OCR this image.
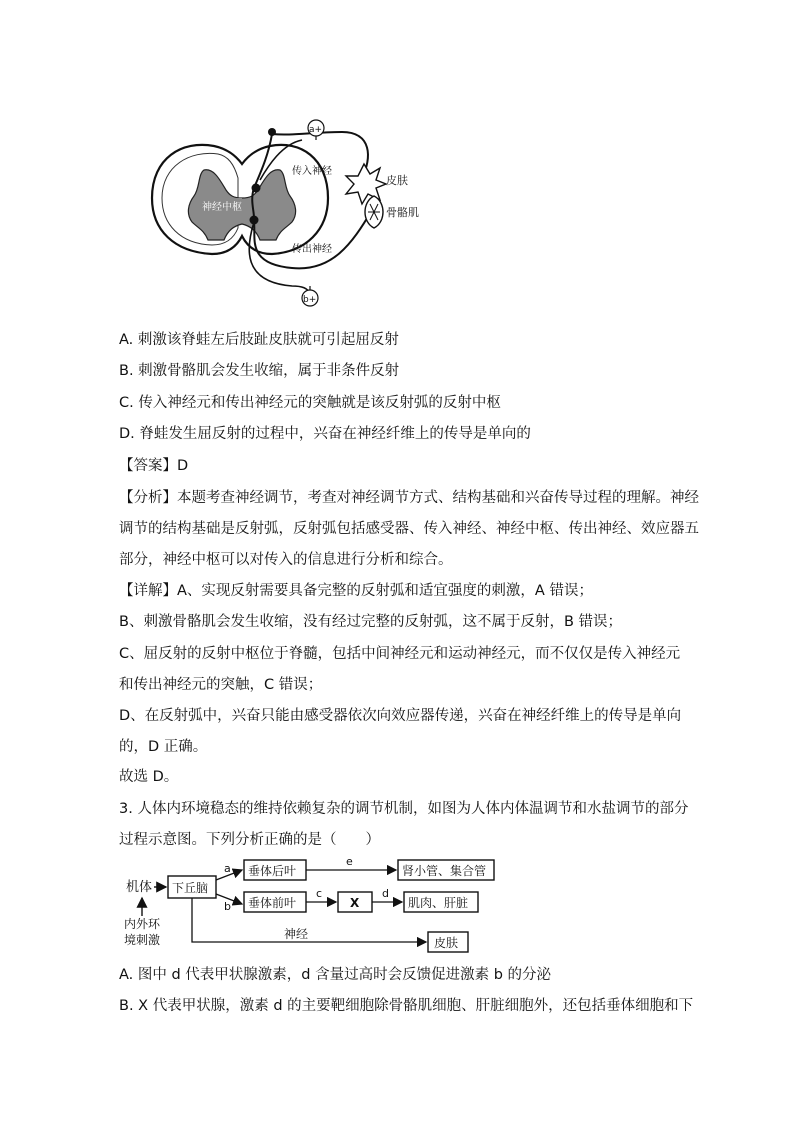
神经中枢
a+
b+
皮肤
传入神经
骨骼肌
传出神经
A. 刺激该脊蛙左后肢趾皮肤就可引起屈反射
B. 刺激骨骼肌会发生收缩，属于非条件反射
C. 传入神经元和传出神经元的突触就是该反射弧的反射中枢
D. 脊蛙发生屈反射的过程中，兴奋在神经纤维上的传导是单向的
【答案】D
【分析】本题考查神经调节，考查对神经调节方式、结构基础和兴奋传导过程的理解。神经
调节的结构基础是反射弧，反射弧包括感受器、传入神经、神经中枢、传出神经、效应器五
部分，神经中枢可以对传入的信息进行分析和综合。
【详解】A、实现反射需要具备完整的反射弧和适宜强度的刺激，A 错误；
B、刺激骨骼肌会发生收缩，没有经过完整的反射弧，这不属于反射，B 错误；
C、屈反射的反射中枢位于脊髓，包括中间神经元和运动神经元，而不仅仅是传入神经元
和传出神经元的突触，C 错误；
D、在反射弧中，兴奋只能由感受器依次向效应器传递，兴奋在神经纤维上的传导是单向
的，D 正确。
故选 D。
3. 人体内环境稳态的维持依赖复杂的调节机制，如图为人体内体温调节和水盐调节的部分
过程示意图。下列分析正确的是（　　）
机体
内外环
境刺激
下丘脑
a
b
垂体后叶
e
肾小管、集合管
垂体前叶
c
X
d
肌肉、肝脏
神经
皮肤
A. 图中 d 代表甲状腺激素，d 含量过高时会反馈促进激素 b 的分泌
B. X 代表甲状腺，激素 d 的主要靶细胞除骨骼肌细胞、肝脏细胞外，还包括垂体细胞和下
